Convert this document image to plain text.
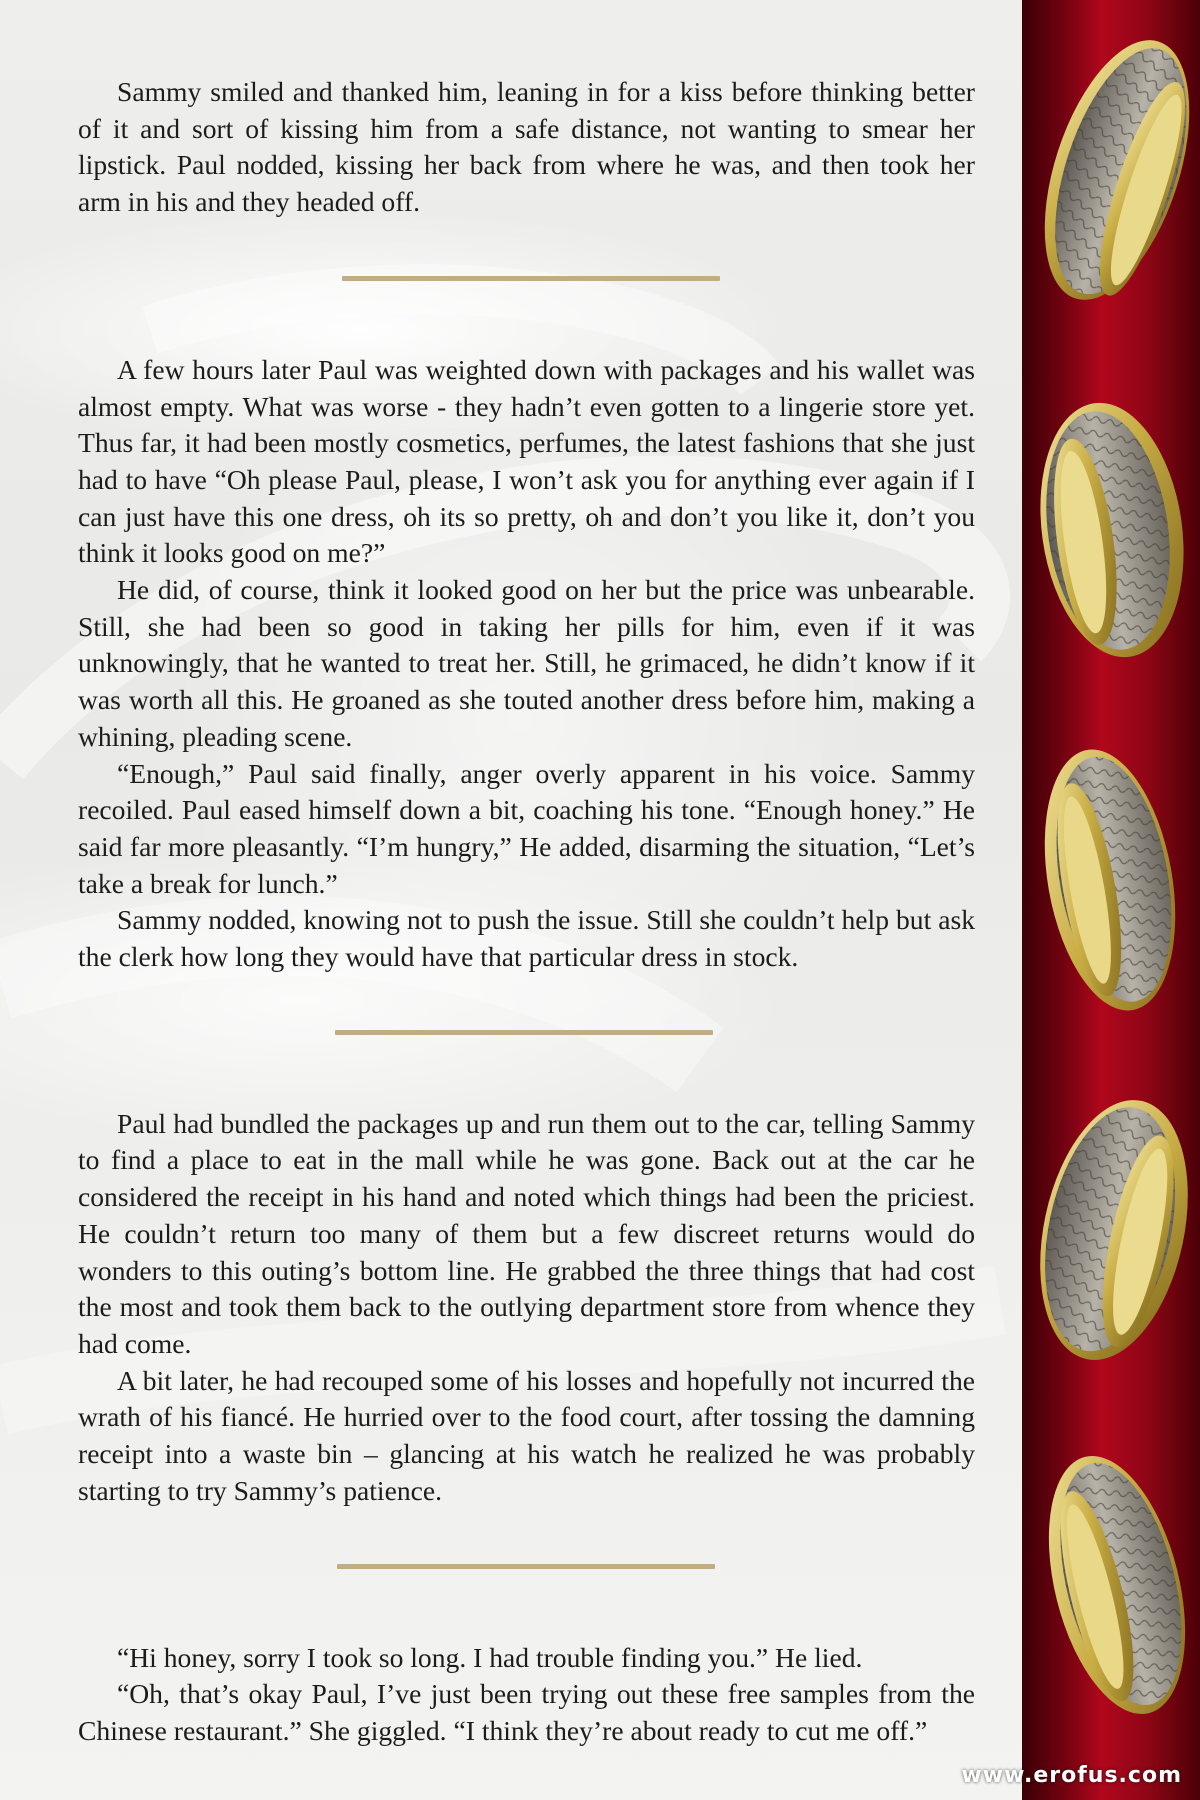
Sammy smiled and thanked him, leaning in for a kiss before thinking better of it and sort of kissing him from a safe distance, not wanting to smear her lipstick. Paul nodded, kissing her back from where he was, and then took her arm in his and they headed off.

A few hours later Paul was weighted down with packages and his wallet was almost empty. What was worse - they hadn’t even gotten to a lingerie store yet. Thus far, it had been mostly cosmetics, perfumes, the latest fashions that she just had to have “Oh please Paul, please, I won’t ask you for anything ever again if I can just have this one dress, oh its so pretty, oh and don’t you like it, don’t you think it looks good on me?”

He did, of course, think it looked good on her but the price was unbearable. Still, she had been so good in taking her pills for him, even if it was unknowingly, that he wanted to treat her. Still, he grimaced, he didn’t know if it was worth all this. He groaned as she touted another dress before him, making a whining, pleading scene.

“Enough,” Paul said finally, anger overly apparent in his voice. Sammy recoiled. Paul eased himself down a bit, coaching his tone. “Enough honey.” He said far more pleasantly. “I’m hungry,” He added, disarming the situation, “Let’s take a break for lunch.”

Sammy nodded, knowing not to push the issue. Still she couldn’t help but ask the clerk how long they would have that particular dress in stock.

Paul had bundled the packages up and run them out to the car, telling Sammy to find a place to eat in the mall while he was gone. Back out at the car he considered the receipt in his hand and noted which things had been the priciest. He couldn’t return too many of them but a few discreet returns would do wonders to this outing’s bottom line. He grabbed the three things that had cost the most and took them back to the outlying department store from whence they had come.

A bit later, he had recouped some of his losses and hopefully not incurred the wrath of his fiancé. He hurried over to the food court, after tossing the damning receipt into a waste bin – glancing at his watch he realized he was probably starting to try Sammy’s patience.

“Hi honey, sorry I took so long. I had trouble finding you.” He lied.

“Oh, that’s okay Paul, I’ve just been trying out these free samples from the Chinese restaurant.” She giggled. “I think they’re about ready to cut me off.”

www.erofus.com
